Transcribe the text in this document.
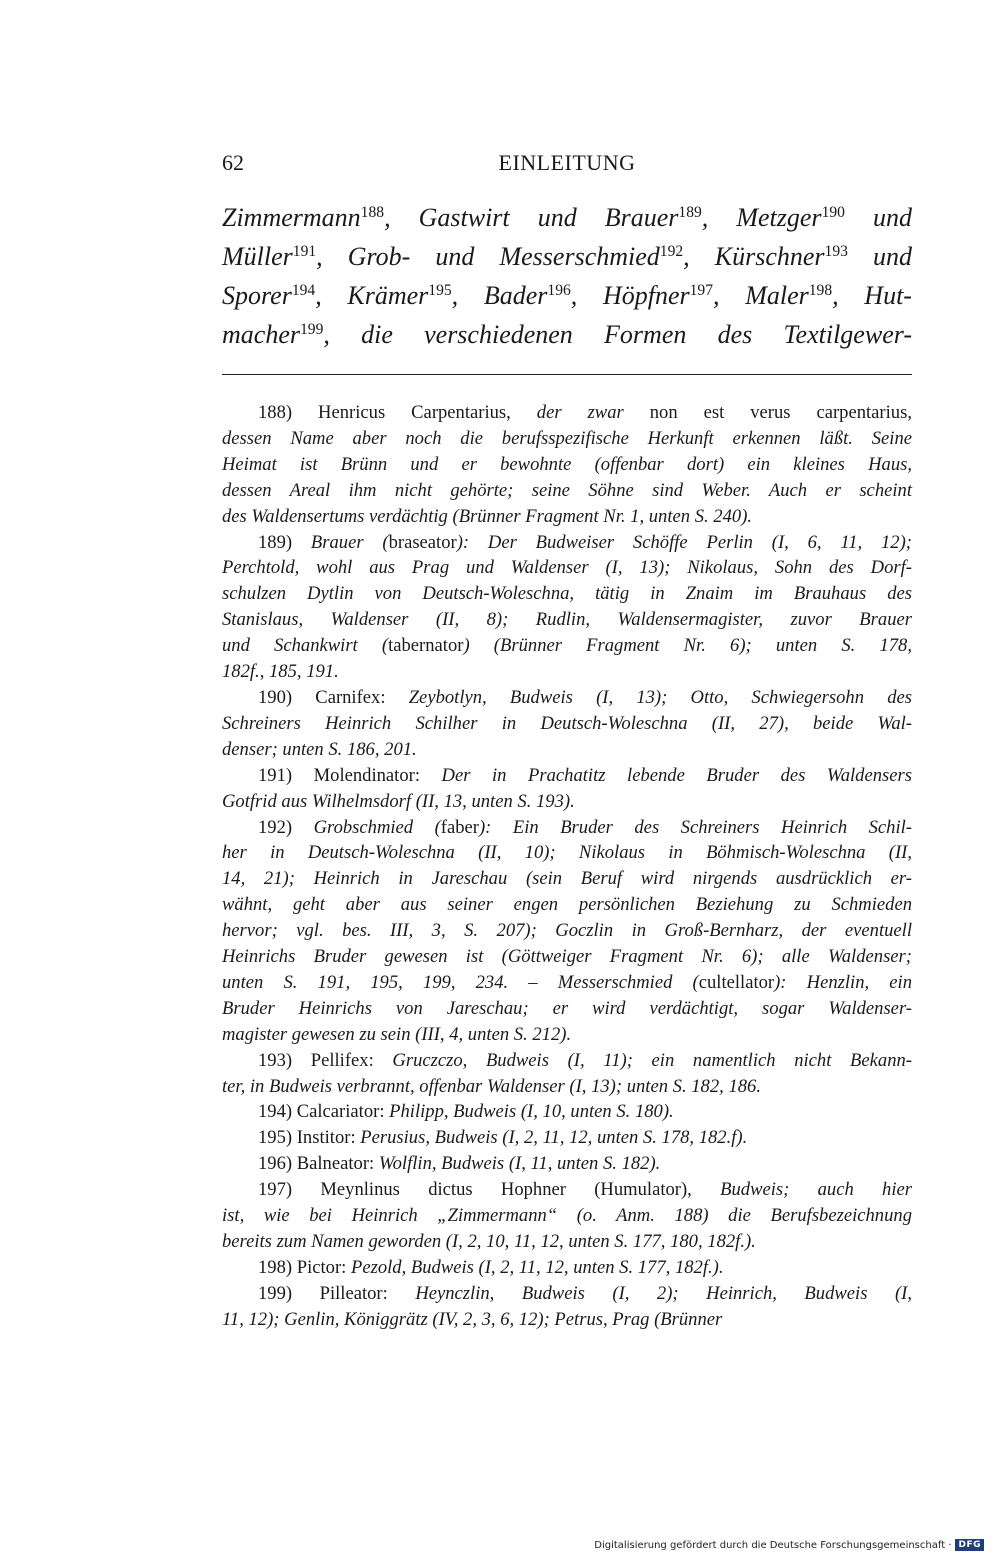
62	EINLEITUNG
Zimmermann$^{188}$, Gastwirt und Brauer$^{189}$, Metzger$^{190}$ und
Müller$^{191}$, Grob- und Messerschmied$^{192}$, Kürschner$^{193}$ und
Sporer$^{194}$, Krämer$^{195}$, Bader$^{196}$, Höpfner$^{197}$, Maler$^{198}$, Hut-
macher$^{199}$, die verschiedenen Formen des Textilgewer-
188) Henricus Carpentarius, der zwar non est verus carpentarius,
dessen Name aber noch die berufsspezifische Herkunft erkennen läßt. Seine
Heimat ist Brünn und er bewohnte (offenbar dort) ein kleines Haus,
dessen Areal ihm nicht gehörte; seine Söhne sind Weber. Auch er scheint
des Waldensertums verdächtig (Brünner Fragment Nr. 1, unten S. 240).
189) Brauer (braseator): Der Budweiser Schöffe Perlin (I, 6, 11, 12);
Perchtold, wohl aus Prag und Waldenser (I, 13); Nikolaus, Sohn des Dorf-
schulzen Dytlin von Deutsch-Woleschna, tätig in Znaim im Brauhaus des
Stanislaus, Waldenser (II, 8); Rudlin, Waldensermagister, zuvor Brauer
und Schankwirt (tabernator) (Brünner Fragment Nr. 6); unten S. 178,
182f., 185, 191.
190) Carnifex: Zeybotlyn, Budweis (I, 13); Otto, Schwiegersohn des
Schreiners Heinrich Schilher in Deutsch-Woleschna (II, 27), beide Wal-
denser; unten S. 186, 201.
191) Molendinator: Der in Prachatitz lebende Bruder des Waldensers
Gotfrid aus Wilhelmsdorf (II, 13, unten S. 193).
192) Grobschmied (faber): Ein Bruder des Schreiners Heinrich Schil-
her in Deutsch-Woleschna (II, 10); Nikolaus in Böhmisch-Woleschna (II,
14, 21); Heinrich in Jareschau (sein Beruf wird nirgends ausdrücklich er-
wähnt, geht aber aus seiner engen persönlichen Beziehung zu Schmieden
hervor; vgl. bes. III, 3, S. 207); Goczlin in Groß-Bernharz, der eventuell
Heinrichs Bruder gewesen ist (Göttweiger Fragment Nr. 6); alle Waldenser;
unten S. 191, 195, 199, 234. – Messerschmied (cultellator): Henzlin, ein
Bruder Heinrichs von Jareschau; er wird verdächtigt, sogar Waldenser-
magister gewesen zu sein (III, 4, unten S. 212).
193) Pellifex: Gruczczo, Budweis (I, 11); ein namentlich nicht Bekann-
ter, in Budweis verbrannt, offenbar Waldenser (I, 13); unten S. 182, 186.
194) Calcariator: Philipp, Budweis (I, 10, unten S. 180).
195) Institor: Perusius, Budweis (I, 2, 11, 12, unten S. 178, 182.f).
196) Balneator: Wolflin, Budweis (I, 11, unten S. 182).
197) Meynlinus dictus Hophner (Humulator), Budweis; auch hier
ist, wie bei Heinrich „Zimmermann“ (o. Anm. 188) die Berufsbezeichnung
bereits zum Namen geworden (I, 2, 10, 11, 12, unten S. 177, 180, 182f.).
198) Pictor: Pezold, Budweis (I, 2, 11, 12, unten S. 177, 182f.).
199) Pilleator: Heynczlin, Budweis (I, 2); Heinrich, Budweis (I,
11, 12); Genlin, Königgrätz (IV, 2, 3, 6, 12); Petrus, Prag (Brünner
Digitalisierung gefördert durch die Deutsche Forschungsgemeinschaft · DFG
